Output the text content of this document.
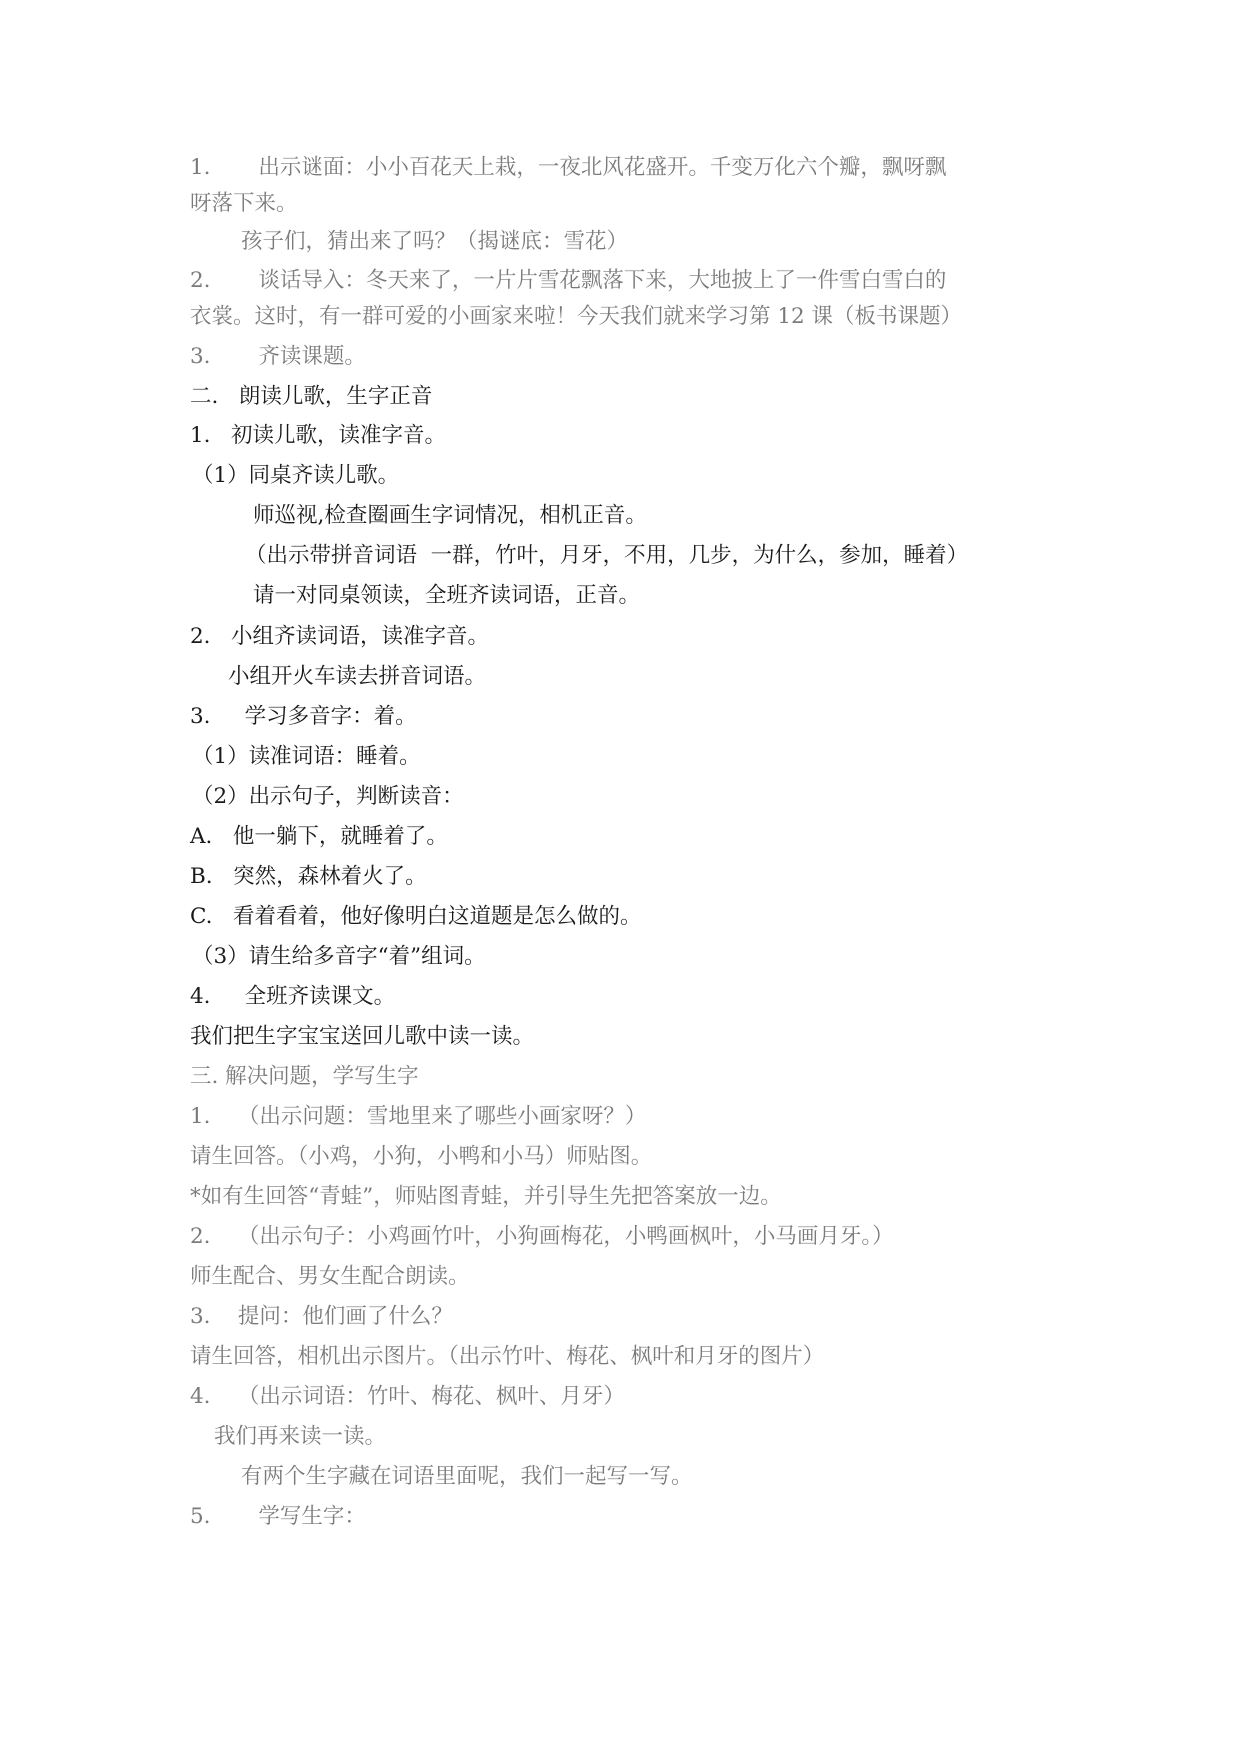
1.       出示谜面：小小百花天上栽，一夜北风花盛开。千变万化六个瓣，飘呀飘
呀落下来。
孩子们，猜出来了吗？（揭谜底：雪花）
2.       谈话导入：冬天来了，一片片雪花飘落下来，大地披上了一件雪白雪白的
衣裳。这时，有一群可爱的小画家来啦！今天我们就来学习第 12 课（板书课题）
3.       齐读课题。
二.   朗读儿歌，生字正音
1.   初读儿歌，读准字音。
（1）同桌齐读儿歌。
师巡视,检查圈画生字词情况，相机正音。
（出示带拼音词语  一群，竹叶，月牙，不用，几步，为什么，参加，睡着）
请一对同桌领读，全班齐读词语，正音。
2.   小组齐读词语，读准字音。
小组开火车读去拼音词语。
3.     学习多音字：着。
（1）读准词语：睡着。
（2）出示句子，判断读音：
A.   他一躺下，就睡着了。
B.   突然，森林着火了。
C.   看着看着，他好像明白这道题是怎么做的。
（3）请生给多音字“着”组词。
4.     全班齐读课文。
我们把生字宝宝送回儿歌中读一读。
三. 解决问题，学写生字
1.    （出示问题：雪地里来了哪些小画家呀？）
请生回答。（小鸡，小狗，小鸭和小马）师贴图。
*如有生回答“青蛙”，师贴图青蛙，并引导生先把答案放一边。
2.    （出示句子：小鸡画竹叶，小狗画梅花，小鸭画枫叶，小马画月牙。）
师生配合、男女生配合朗读。
3.    提问：他们画了什么？
请生回答，相机出示图片。（出示竹叶、梅花、枫叶和月牙的图片）
4.    （出示词语：竹叶、梅花、枫叶、月牙）
我们再来读一读。
有两个生字藏在词语里面呢，我们一起写一写。
5.       学写生字：
